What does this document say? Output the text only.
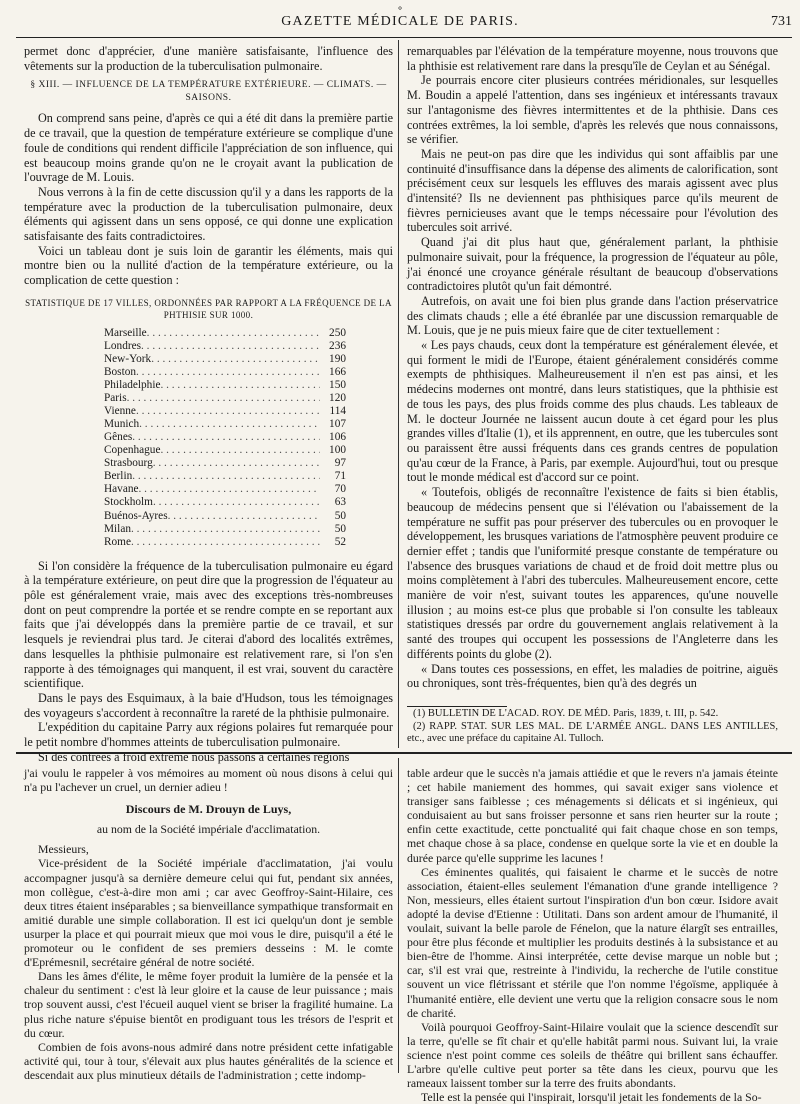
⚬
GAZETTE MÉDICALE DE PARIS.	731

permet donc d'apprécier, d'une manière satisfaisante, l'influence des vêtements sur la production de la tuberculisation pulmonaire.

§ XIII. — INFLUENCE DE LA TEMPÉRATURE EXTÉRIEURE. — CLIMATS. — SAISONS.

On comprend sans peine, d'après ce qui a été dit dans la première partie de ce travail, que la question de température extérieure se complique d'une foule de conditions qui rendent difficile l'appréciation de son influence, qui est beaucoup moins grande qu'on ne le croyait avant la publication de l'ouvrage de M. Louis.

Nous verrons à la fin de cette discussion qu'il y a dans les rapports de la température avec la production de la tuberculisation pulmonaire, deux éléments qui agissent dans un sens opposé, ce qui donne une explication satisfaisante des faits contradictoires.

Voici un tableau dont je suis loin de garantir les éléments, mais qui montre bien ou la nullité d'action de la température extérieure, ou la complication de cette question :

STATISTIQUE DE 17 VILLES, ORDONNÉES PAR RAPPORT A LA FRÉQUENCE DE LA PHTHISIE SUR 1000.
Marseille . . .	250
Londres . . .	236
New-York . . .	190
Boston . . .	166
Philadelphie . . .	150
Paris . . .	120
Vienne . . .	114
Munich . . .	107
Gênes . . .	106
Copenhague . . .	100
Strasbourg . . .	97
Berlin . . .	71
Havane . . .	70
Stockholm . . .	63
Buénos-Ayres . . .	50
Milan . . .	50
Rome . . .	52

Si l'on considère la fréquence de la tuberculisation pulmonaire eu égard à la température extérieure, on peut dire que la progression de l'équateur au pôle est généralement vraie, mais avec des exceptions très-nombreuses dont on peut comprendre la portée et se rendre compte en se reportant aux faits que j'ai développés dans la première partie de ce travail, et sur lesquels je reviendrai plus tard. Je citerai d'abord des localités extrêmes, dans lesquelles la phthisie pulmonaire est relativement rare, si l'on s'en rapporte à des témoignages qui manquent, il est vrai, souvent du caractère scientifique.

Dans le pays des Esquimaux, à la baie d'Hudson, tous les témoignages des voyageurs s'accordent à reconnaître la rareté de la phthisie pulmonaire.

L'expédition du capitaine Parry aux régions polaires fut remarquée pour le petit nombre d'hommes atteints de tuberculisation pulmonaire.

Si des contrées à froid extrême nous passons à certaines régions

remarquables par l'élévation de la température moyenne, nous trouvons que la phthisie est relativement rare dans la presqu'île de Ceylan et au Sénégal.

Je pourrais encore citer plusieurs contrées méridionales, sur lesquelles M. Boudin a appelé l'attention, dans ses ingénieux et intéressants travaux sur l'antagonisme des fièvres intermittentes et de la phthisie. Dans ces contrées extrêmes, la loi semble, d'après les relevés que nous connaissons, se vérifier.

Mais ne peut-on pas dire que les individus qui sont affaiblis par une continuité d'insuffisance dans la dépense des aliments de calorification, sont précisément ceux sur lesquels les effluves des marais agissent avec plus d'intensité? Ils ne deviennent pas phthisiques parce qu'ils meurent de fièvres pernicieuses avant que le temps nécessaire pour l'évolution des tubercules soit arrivé.

Quand j'ai dit plus haut que, généralement parlant, la phthisie pulmonaire suivait, pour la fréquence, la progression de l'équateur au pôle, j'ai énoncé une croyance générale résultant de beaucoup d'observations contradictoires plutôt qu'un fait démontré.

Autrefois, on avait une foi bien plus grande dans l'action préservatrice des climats chauds ; elle a été ébranlée par une discussion remarquable de M. Louis, que je ne puis mieux faire que de citer textuellement :

« Les pays chauds, ceux dont la température est généralement élevée, et qui forment le midi de l'Europe, étaient généralement considérés comme exempts de phthisiques. Malheureusement il n'en est pas ainsi, et les médecins modernes ont montré, dans leurs statistiques, que la phthisie est de tous les pays, des plus froids comme des plus chauds. Les tableaux de M. le docteur Journée ne laissent aucun doute à cet égard pour les plus grandes villes d'Italie (1), et ils apprennent, en outre, que les tubercules sont ou paraissent être aussi fréquents dans ces grands centres de population qu'au cœur de la France, à Paris, par exemple. Aujourd'hui, tout ou presque tout le monde médical est d'accord sur ce point.

« Toutefois, obligés de reconnaître l'existence de faits si bien établis, beaucoup de médecins pensent que si l'élévation ou l'abaissement de la température ne suffit pas pour préserver des tubercules ou en provoquer le développement, les brusques variations de l'atmosphère peuvent produire ce dernier effet ; tandis que l'uniformité presque constante de température ou l'absence des brusques variations de chaud et de froid doit mettre plus ou moins complètement à l'abri des tubercules. Malheureusement encore, cette manière de voir n'est, suivant toutes les apparences, qu'une nouvelle illusion ; au moins est-ce plus que probable si l'on consulte les tableaux statistiques dressés par ordre du gouvernement anglais relativement à la santé des troupes qui occupent les possessions de l'Angleterre dans les différents points du globe (2).

« Dans toutes ces possessions, en effet, les maladies de poitrine, aiguës ou chroniques, sont très-fréquentes, bien qu'à des degrés un

(1) BULLETIN DE L'ACAD. ROY. DE MÉD. Paris, 1839, t. III, p. 542.

(2) RAPP. STAT. SUR LES MAL. DE L'ARMÉE ANGL. DANS LES ANTILLES, etc., avec une préface du capitaine Al. Tulloch.

j'ai voulu le rappeler à vos mémoires au moment où nous disons à celui qui n'a pu l'achever un cruel, un dernier adieu !

Discours de M. Drouyn de Luys,
au nom de la Société impériale d'acclimatation.

Messieurs,

Vice-président de la Société impériale d'acclimatation, j'ai voulu accompagner jusqu'à sa dernière demeure celui qui fut, pendant six années, mon collègue, c'est-à-dire mon ami ; car avec Geoffroy-Saint-Hilaire, ces deux titres étaient inséparables ; sa bienveillance sympathique transformait en amitié durable une simple collaboration. Il est ici quelqu'un dont je semble usurper la place et qui pourrait mieux que moi vous le dire, puisqu'il a été le promoteur ou le confident de ses premiers desseins : M. le comte d'Eprémesnil, secrétaire général de notre société.

Dans les âmes d'élite, le même foyer produit la lumière de la pensée et la chaleur du sentiment : c'est là leur gloire et la cause de leur puissance ; mais trop souvent aussi, c'est l'écueil auquel vient se briser la fragilité humaine. La plus riche nature s'épuise bientôt en prodiguant tous les trésors de l'esprit et du cœur.

Combien de fois avons-nous admiré dans notre président cette infatigable activité qui, tour à tour, s'élevait aux plus hautes généralités de la science et descendait aux plus minutieux détails de l'administration ; cette indomp-

table ardeur que le succès n'a jamais attiédie et que le revers n'a jamais éteinte ; cet habile maniement des hommes, qui savait exiger sans violence et transiger sans faiblesse ; ces ménagements si délicats et si ingénieux, qui conduisaient au but sans froisser personne et sans rien heurter sur la route ; enfin cette exactitude, cette ponctualité qui fait chaque chose en son temps, met chaque chose à sa place, condense en quelque sorte la vie et en double la durée parce qu'elle supprime les lacunes !

Ces éminentes qualités, qui faisaient le charme et le succès de notre association, étaient-elles seulement l'émanation d'une grande intelligence ? Non, messieurs, elles étaient surtout l'inspiration d'un bon cœur. Isidore avait adopté la devise d'Etienne : Utilitati. Dans son ardent amour de l'humanité, il voulait, suivant la belle parole de Fénelon, que la nature élargît ses entrailles, pour être plus féconde et multiplier les produits destinés à la subsistance et au bien-être de l'homme. Ainsi interprétée, cette devise marque un noble but ; car, s'il est vrai que, restreinte à l'individu, la recherche de l'utile constitue souvent un vice flétrissant et stérile que l'on nomme l'égoïsme, appliquée à l'humanité entière, elle devient une vertu que la religion consacre sous le nom de charité.

Voilà pourquoi Geoffroy-Saint-Hilaire voulait que la science descendît sur la terre, qu'elle se fît chair et qu'elle habitât parmi nous. Suivant lui, la vraie science n'est point comme ces soleils de théâtre qui brillent sans échauffer. L'arbre qu'elle cultive peut porter sa tête dans les cieux, pourvu que les rameaux laissent tomber sur la terre des fruits abondants.

Telle est la pensée qui l'inspirait, lorsqu'il jetait les fondements de la So-
